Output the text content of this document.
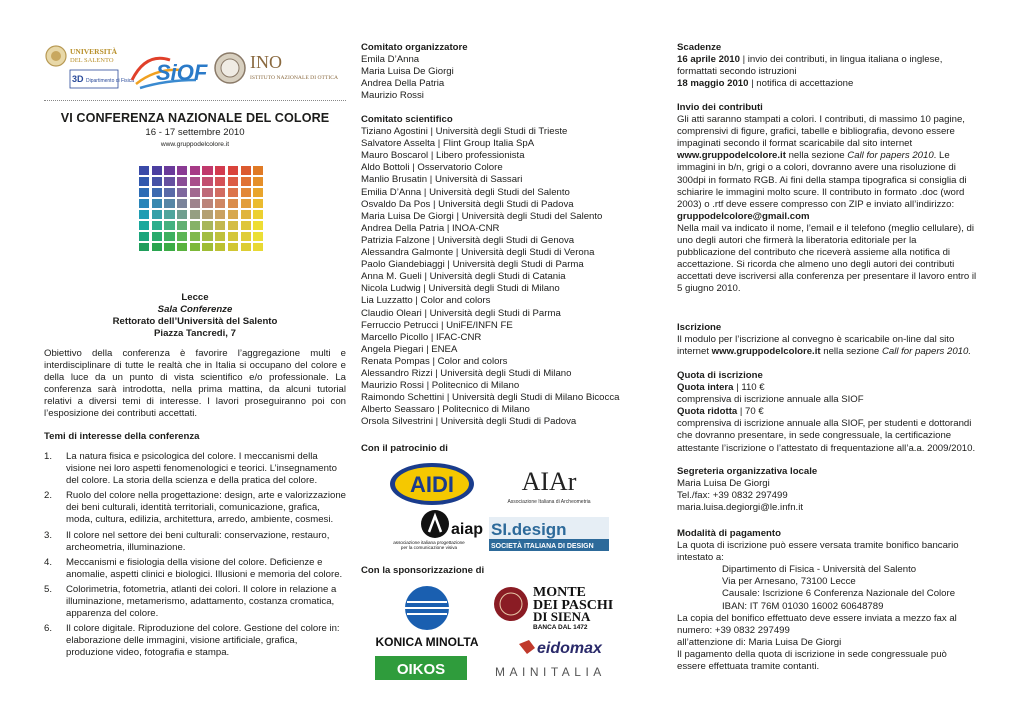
UNIVERSITÀ
DEL SALENTO
3D Dipartimento di Fisica SiOF INO
ISTITUTO NAZIONALE DI OTTICA
VI CONFERENZA NAZIONALE DEL COLORE
16 - 17 settembre 2010
www.gruppodelcolore.it
Lecce
Sala Conferenze
Rettorato dell’Università del Salento
Piazza Tancredi, 7
Obiettivo della conferenza è favorire l’aggregazione multi e interdisciplinare di tutte le realtà che in Italia si occupano del colore e della luce da un punto di vista scientifico e/o professionale. La conferenza sarà introdotta, nella prima mattina, da alcuni tutorial relativi a diversi temi di interesse. I lavori proseguiranno poi con l’esposizione dei contributi accettati.
Temi di interesse della conferenza
1. La natura fisica e psicologica del colore. I meccanismi della visione nei loro aspetti fenomenologici e teorici. L’insegnamento del colore. La storia della scienza e della pratica del colore.
2. Ruolo del colore nella progettazione: design, arte e valorizzazione dei beni culturali, identità territoriali, comunicazione, grafica, moda, cultura, edilizia, architettura, arredo, ambiente, cosmesi.
3. Il colore nel settore dei beni culturali: conservazione, restauro, archeometria, illuminazione.
4. Meccanismi e fisiologia della visione del colore. Deficienze e anomalie, aspetti clinici e biologici. Illusioni e memoria del colore.
5. Colorimetria, fotometria, atlanti dei colori. Il colore in relazione a illuminazione, metamerismo, adattamento, costanza cromatica, apparenza del colore.
6. Il colore digitale. Riproduzione del colore. Gestione del colore in: elaborazione delle immagini, visione artificiale, grafica, produzione video, fotografia e stampa.
Comitato organizzatore
Emila D’Anna
Maria Luisa De Giorgi
Andrea Della Patria
Maurizio Rossi
Comitato scientifico
Tiziano Agostini | Università degli Studi di Trieste
Salvatore Asselta | Flint Group Italia SpA
Mauro Boscarol | Libero professionista
Aldo Bottoli | Osservatorio Colore
Manlio Brusatin | Università di Sassari
Emilia D’Anna | Università degli Studi del Salento
Osvaldo Da Pos | Università degli Studi di Padova
Maria Luisa De Giorgi | Università degli Studi del Salento
Andrea Della Patria | INOA-CNR
Patrizia Falzone | Università degli Studi di Genova
Alessandra Galmonte | Università degli Studi di Verona
Paolo Giandebiaggi | Università degli Studi di Parma
Anna M. Gueli | Università degli Studi di Catania
Nicola Ludwig | Università degli Studi di Milano
Lia Luzzatto | Color and colors
Claudio Oleari | Università degli Studi di Parma
Ferruccio Petrucci | UniFE/INFN FE
Marcello Picollo | IFAC-CNR
Angela Piegari | ENEA
Renata Pompas | Color and colors
Alessandro Rizzi | Università degli Studi di Milano
Maurizio Rossi | Politecnico di Milano
Raimondo Schettini | Università degli Studi di Milano Bicocca
Alberto Seassaro | Politecnico di Milano
Orsola Silvestrini | Università degli Studi di Padova
Con il patrocinio di
AIDI	AIAr
Associazione Italiana di Archeometria
aiap
associazione italiana progettazione
per la comunicazione visiva
SI.design
SOCIETÀ ITALIANA DI DESIGN
Con la sponsorizzazione di
KONICA MINOLTA
MONTE
DEI PASCHI
DI SIENA
BANCA DAL 1472
eidomax
OIKOS	MAINITALIA
Scadenze
16 aprile 2010 | invio dei contributi, in lingua italiana o inglese, formattati secondo istruzioni
18 maggio 2010 | notifica di accettazione
Invio dei contributi
Gli atti saranno stampati a colori. I contributi, di massimo 10 pagine, comprensivi di figure, grafici, tabelle e bibliografia, devono essere impaginati secondo il format scaricabile dal sito internet
www.gruppodelcolore.it nella sezione Call for papers 2010. Le immagini in b/n, grigi o a colori, dovranno avere una risoluzione di 300dpi in formato RGB. Ai fini della stampa tipografica si consiglia di schiarire le immagini molto scure. Il contributo in formato .doc (word 2003) o .rtf deve essere compresso con ZIP e inviato all’indirizzo:
gruppodelcolore@gmail.com
Nella mail va indicato il nome, l’email e il telefono (meglio cellulare), di uno degli autori che firmerà la liberatoria editoriale per la pubblicazione del contributo che riceverà assieme alla notifica di accettazione. Si ricorda che almeno uno degli autori dei contributi accettati deve iscriversi alla conferenza per presentare il lavoro entro il 5 giugno 2010.
Iscrizione
Il modulo per l’iscrizione al convegno è scaricabile on-line dal sito internet www.gruppodelcolore.it nella sezione Call for papers 2010.
Quota di iscrizione
Quota intera | 110 €
comprensiva di iscrizione annuale alla SIOF
Quota ridotta | 70 €
comprensiva di iscrizione annuale alla SIOF, per studenti e dottorandi che dovranno presentare, in sede congressuale, la certificazione attestante l’iscrizione o l’attestato di frequentazione all’a.a. 2009/2010.
Segreteria organizzativa locale
Maria Luisa De Giorgi
Tel./fax: +39 0832 297499
maria.luisa.degiorgi@le.infn.it
Modalità di pagamento
La quota di iscrizione può essere versata tramite bonifico bancario intestato a:
Dipartimento di Fisica - Università del Salento
Via per Arnesano, 73100 Lecce
Causale: Iscrizione 6 Conferenza Nazionale del Colore
IBAN: IT 76M 01030 16002 60648789
La copia del bonifico effettuato deve essere inviata a mezzo fax al numero: +39 0832 297499
all’attenzione di: Maria Luisa De Giorgi
Il pagamento della quota di iscrizione in sede congressuale può essere effettuata tramite contanti.
